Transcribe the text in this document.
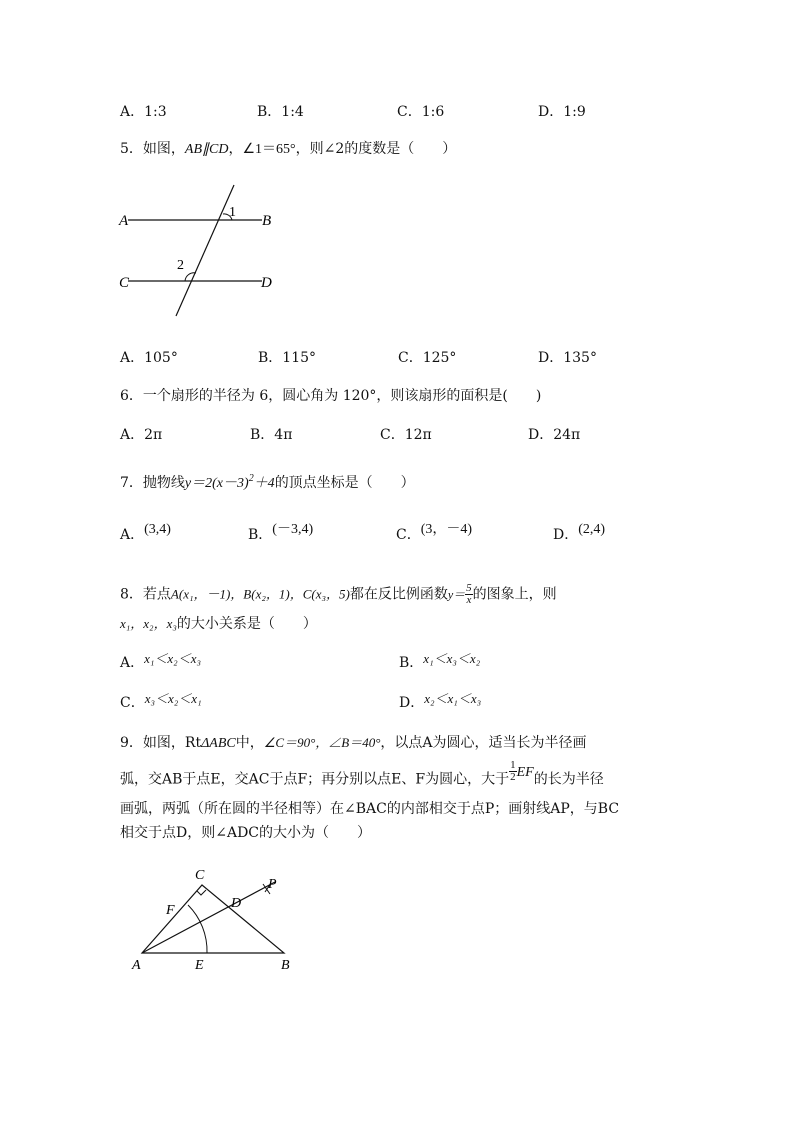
A．1:3	B．1:4	C．1:6	D．1:9
5．如图，AB∥CD，∠1＝65°，则∠2的度数是（　　）
A	B
C	D
1
2
A．105°	B．115°	C．125°	D．135°
6．一个扇形的半径为 6，圆心角为 120°，则该扇形的面积是(　　)
A．2π	B．4π	C．12π	D．24π
7．抛物线$y=2(x-3)^2+4$的顶点坐标是（　　）
A．(3,4)	B．(－3,4)	C．(3，－4)	D．(2,4)
8．若点A(x₁，－1)，B(x₂，1)，C(x₃，5)都在反比例函数$y= \frac{5}{x}$ 的图象上，则
x₁，x₂，x₃的大小关系是（　　）
A．x₁＜x₂＜x₃	B．x₁＜x₃＜x₂
C．x₃＜x₂＜x₁	D．x₂＜x₁＜x₃
9．如图，RtΔABC中，∠C＝90°，∠B＝40°，以点A为圆心，适当长为半径画
弧，交AB于点E，交AC于点F；再分别以点E、F为圆心，大于 $\frac{1}{2}$ EF的长为半径
画弧，两弧（所在圆的半径相等）在∠BAC的内部相交于点P；画射线AP，与BC
相交于点D，则∠ADC的大小为（　　）
C
P
F	D
A	E	B
